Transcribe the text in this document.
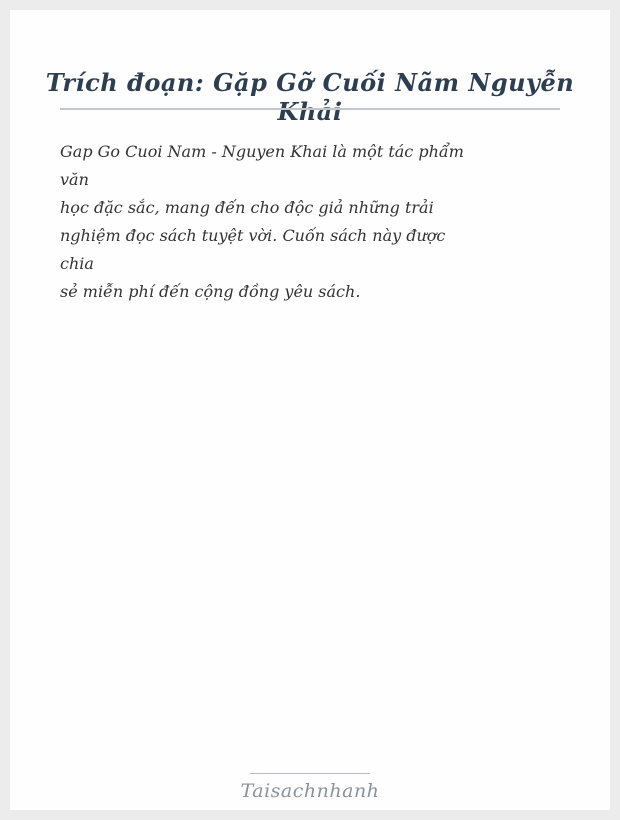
Trích đoạn: Gặp Gỡ Cuối Nãm Nguyễn Khải
Gap Go Cuoi Nam - Nguyen Khai là một tác phẩm
văn
học đặc sắc, mang đến cho độc giả những trải
nghiệm đọc sách tuyệt vời. Cuốn sách này được
chia
sẻ miễn phí đến cộng đồng yêu sách.
Taisachnhanh
